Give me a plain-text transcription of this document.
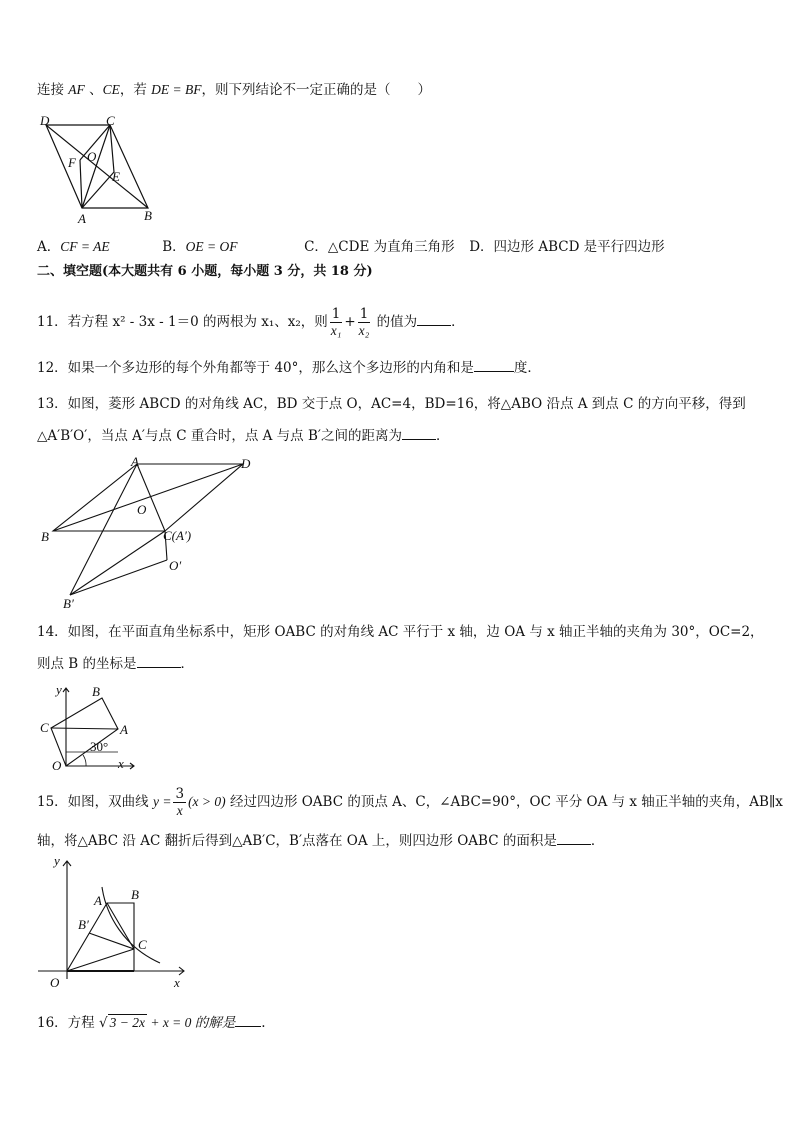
连接 AF 、CE，若 DE = BF，则下列结论不一定正确的是（　　）
D	C
F O
E
A	B
A．CF = AE	B．OE = OF	C．△CDE 为直角三角形 D．四边形 ABCD 是平行四边形
二、填空题(本大题共有 6 小题，每小题 3 分，共 18 分)
11．若方程 x² - 3x - 1＝0 的两根为 x₁、x₂，则 $\frac{1}{\text{x₁}} + \frac{1}{\text{x₂}}$ 的值为	．
12．如果一个多边形的每个外角都等于 40°，那么这个多边形的内角和是	度．
13．如图，菱形 ABCD 的对角线 AC，BD 交于点 O，AC=4，BD=16，将△ABO 沿点 A 到点 C 的方向平移，得到
△A′B′O′，当点 A′与点 C 重合时，点 A 与点 B′之间的距离为	．
A	D
O
B	C(A′)
O′
B′
14．如图，在平面直角坐标系中，矩形 OABC 的对角线 AC 平行于 x 轴，边 OA 与 x 轴正半轴的夹角为 30°，OC=2，
则点 B 的坐标是	．
y B
C	A
30°
O	x
15．如图，双曲线 $y = \frac{3}{x} (x > 0)$ 经过四边形 OABC 的顶点 A、C，∠ABC=90°，OC 平分 OA 与 x 轴正半轴的夹角，AB∥x
轴，将△ABC 沿 AC 翻折后得到△AB′C，B′点落在 OA 上，则四边形 OABC 的面积是	．
y
A B
B′
C
O	x
16．方程 √ 3 − 2x + x = 0 的解是 .
